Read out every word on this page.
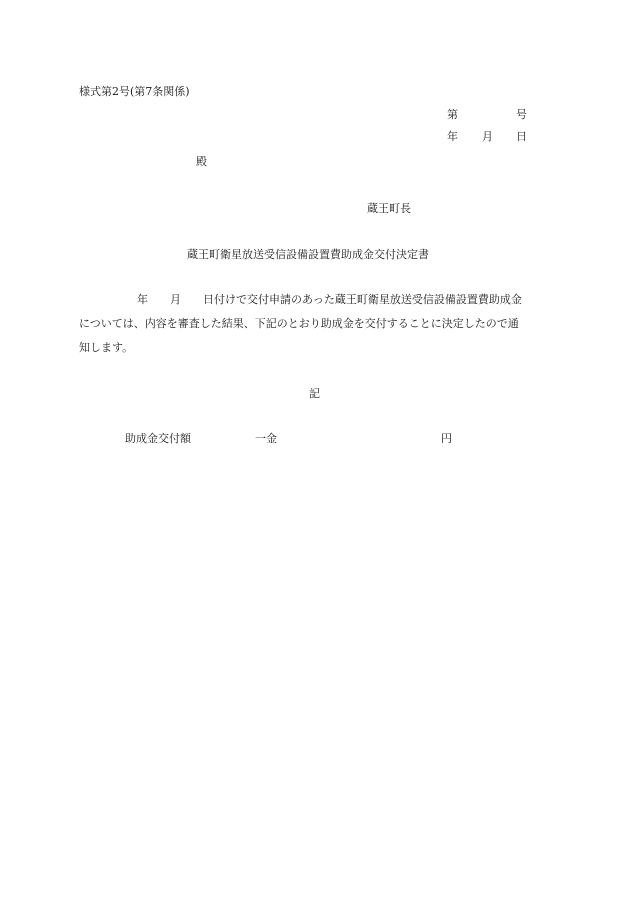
様式第2号(第7条関係)
第	号
年 月 日
殿
蔵王町長
蔵王町衛星放送受信設備設置費助成金交付決定書
年 月 日付けで交付申請のあった蔵王町衛星放送受信設備設置費助成金
については、内容を審査した結果、下記のとおり助成金を交付することに決定したので通
知します。
記
助成金交付額	一金	円
